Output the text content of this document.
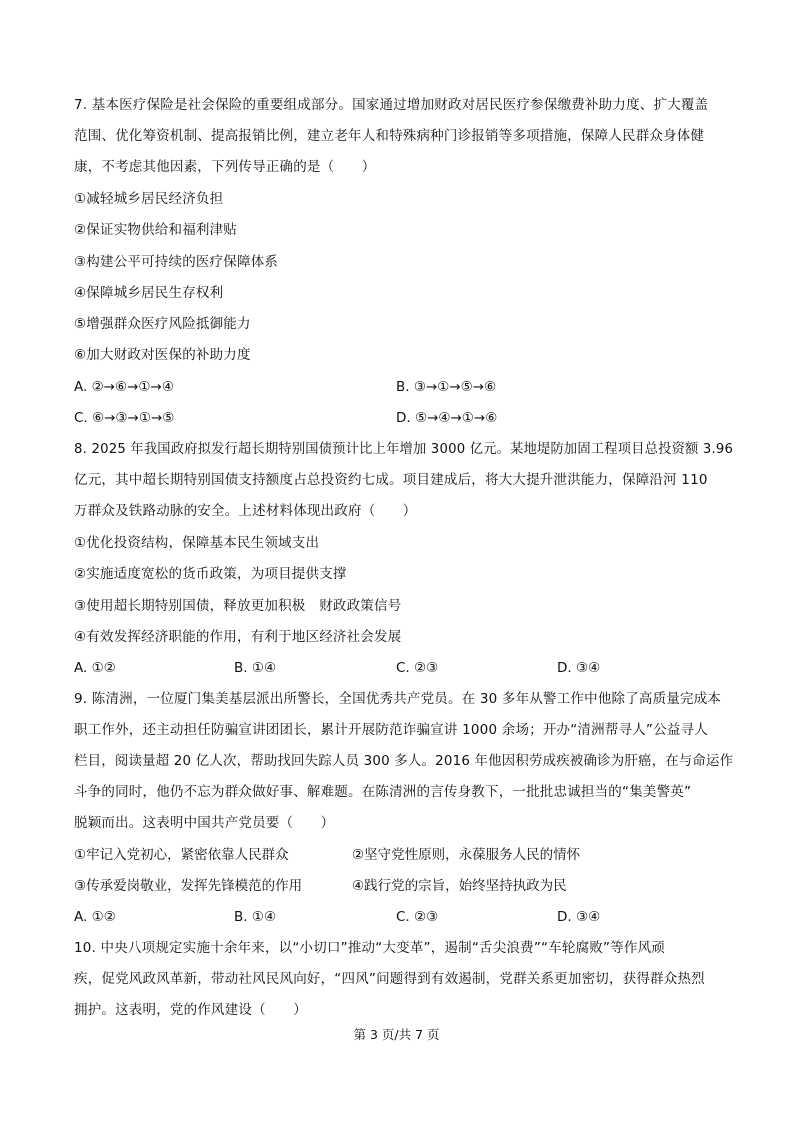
7. 基本医疗保险是社会保险的重要组成部分。国家通过增加财政对居民医疗参保缴费补助力度、扩大覆盖
范围、优化筹资机制、提高报销比例，建立老年人和特殊病种门诊报销等多项措施，保障人民群众身体健
康，不考虑其他因素，下列传导正确的是（　　）
①减轻城乡居民经济负担
②保证实物供给和福利津贴
③构建公平可持续的医疗保障体系
④保障城乡居民生存权利
⑤增强群众医疗风险抵御能力
⑥加大财政对医保的补助力度
A. ②→⑥→①→④	B. ③→①→⑤→⑥
C. ⑥→③→①→⑤	D. ⑤→④→①→⑥
8. 2025 年我国政府拟发行超长期特别国债预计比上年增加 3000 亿元。某地堤防加固工程项目总投资额 3.96
亿元，其中超长期特别国债支持额度占总投资约七成。项目建成后，将大大提升泄洪能力，保障沿河 110
万群众及铁路动脉的安全。上述材料体现出政府（　　）
①优化投资结构，保障基本民生领域支出
②实施适度宽松的货币政策，为项目提供支撑
③使用超长期特别国债，释放更加积极　财政政策信号
④有效发挥经济职能的作用，有利于地区经济社会发展
A. ①②	B. ①④	C. ②③	D. ③④
9. 陈清洲，一位厦门集美基层派出所警长，全国优秀共产党员。在 30 多年从警工作中他除了高质量完成本
职工作外，还主动担任防骗宣讲团团长，累计开展防范诈骗宣讲 1000 余场；开办“清洲帮寻人”公益寻人
栏目，阅读量超 20 亿人次，帮助找回失踪人员 300 多人。2016 年他因积劳成疾被确诊为肝癌，在与命运作
斗争的同时，他仍不忘为群众做好事、解难题。在陈清洲的言传身教下，一批批忠诚担当的“集美警英”
脱颖而出。这表明中国共产党员要（　　）
①牢记入党初心，紧密依靠人民群众	②坚守党性原则，永葆服务人民的情怀
③传承爱岗敬业，发挥先锋模范的作用	④践行党的宗旨，始终坚持执政为民
A. ①②	B. ①④	C. ②③	D. ③④
10. 中央八项规定实施十余年来，以“小切口”推动“大变革”，遏制“舌尖浪费”“车轮腐败”等作风顽
疾，促党风政风革新，带动社风民风向好，“四风”问题得到有效遏制，党群关系更加密切，获得群众热烈
拥护。这表明，党的作风建设（　　）
第 3 页/共 7 页
